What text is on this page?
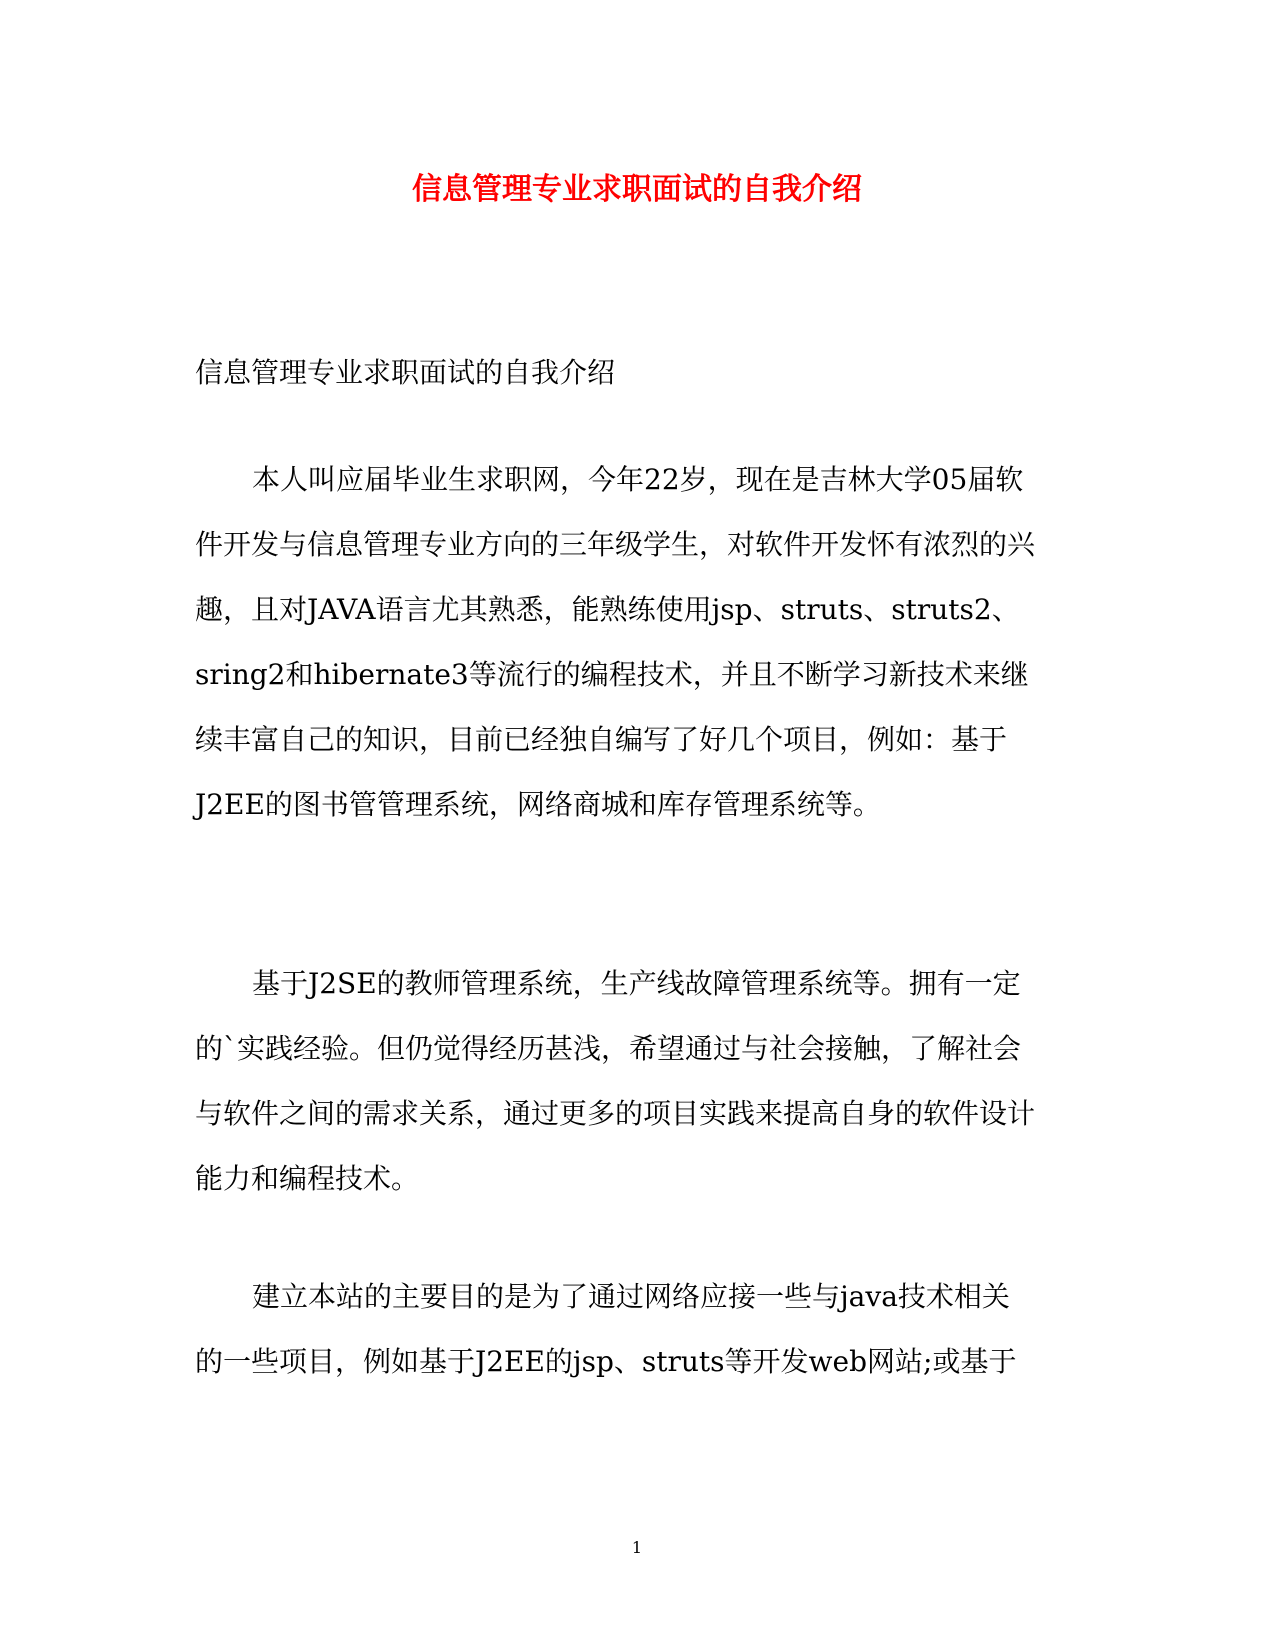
信息管理专业求职面试的自我介绍
信息管理专业求职面试的自我介绍
本人叫应届毕业生求职网，今年22岁，现在是吉林大学05届软
件开发与信息管理专业方向的三年级学生，对软件开发怀有浓烈的兴
趣，且对JAVA语言尤其熟悉，能熟练使用jsp、struts、struts2、
sring2和hibernate3等流行的编程技术，并且不断学习新技术来继
续丰富自己的知识，目前已经独自编写了好几个项目，例如：基于
J2EE的图书管管理系统，网络商城和库存管理系统等。
基于J2SE的教师管理系统，生产线故障管理系统等。拥有一定
的`实践经验。但仍觉得经历甚浅，希望通过与社会接触，了解社会
与软件之间的需求关系，通过更多的项目实践来提高自身的软件设计
能力和编程技术。
建立本站的主要目的是为了通过网络应接一些与java技术相关
的一些项目，例如基于J2EE的jsp、struts等开发web网站;或基于
1
